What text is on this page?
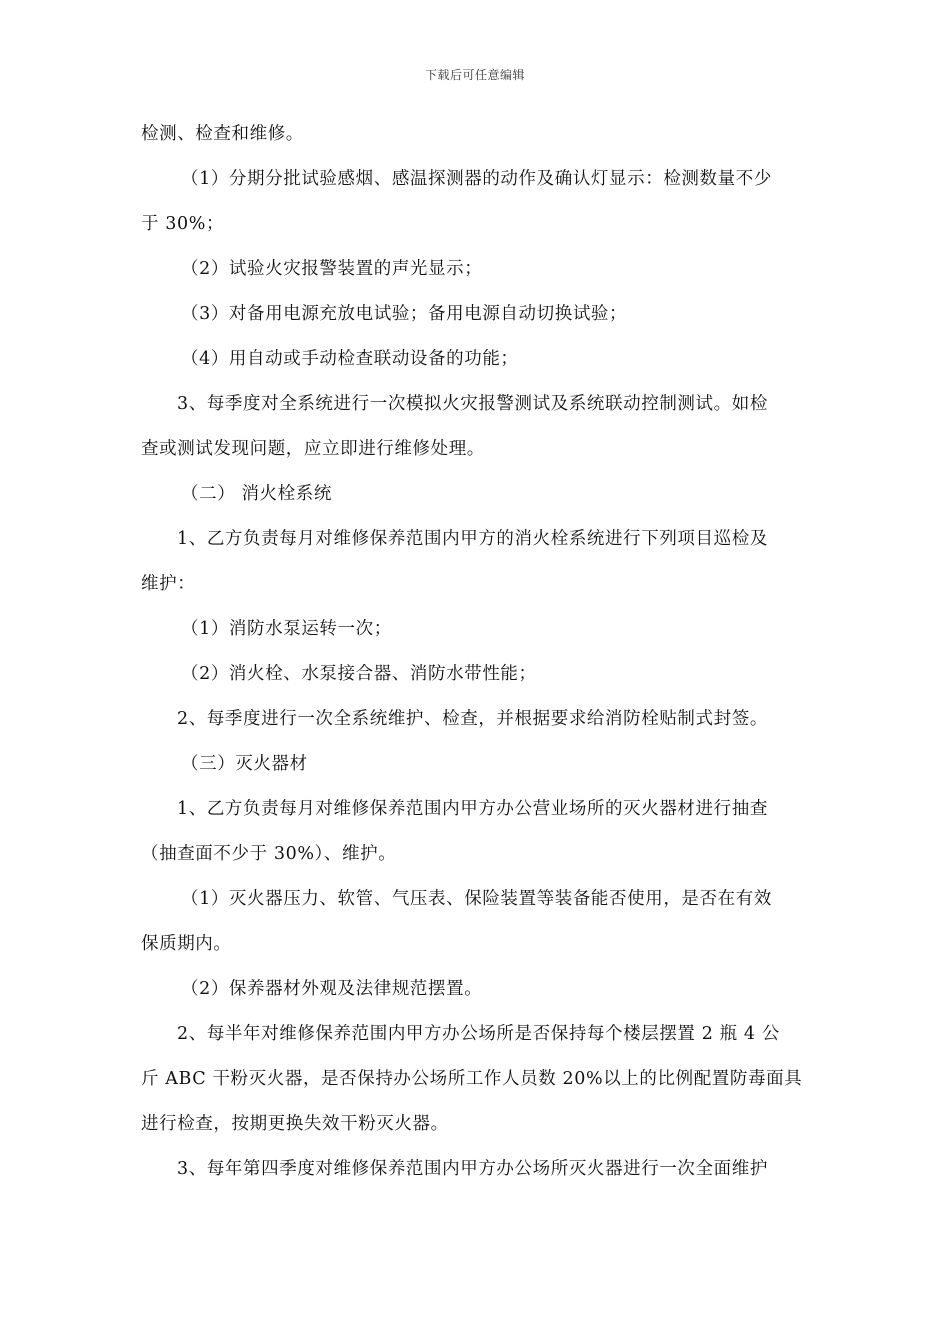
下载后可任意编辑
检测、检查和维修。
（1）分期分批试验感烟、感温探测器的动作及确认灯显示：检测数量不少
于 30%；
（2）试验火灾报警装置的声光显示；
（3）对备用电源充放电试验；备用电源自动切换试验；
（4）用自动或手动检查联动设备的功能；
3、每季度对全系统进行一次模拟火灾报警测试及系统联动控制测试。如检
查或测试发现问题，应立即进行维修处理。
（二） 消火栓系统
1、乙方负责每月对维修保养范围内甲方的消火栓系统进行下列项目巡检及
维护：
（1）消防水泵运转一次；
（2）消火栓、水泵接合器、消防水带性能；
2、每季度进行一次全系统维护、检查，并根据要求给消防栓贴制式封签。
（三）灭火器材
1、乙方负责每月对维修保养范围内甲方办公营业场所的灭火器材进行抽查
（抽查面不少于 30%）、维护。
（1）灭火器压力、软管、气压表、保险装置等装备能否使用，是否在有效
保质期内。
（2）保养器材外观及法律规范摆置。
2、每半年对维修保养范围内甲方办公场所是否保持每个楼层摆置 2 瓶 4 公
斤 ABC 干粉灭火器，是否保持办公场所工作人员数 20%以上的比例配置防毒面具
进行检查，按期更换失效干粉灭火器。
3、每年第四季度对维修保养范围内甲方办公场所灭火器进行一次全面维护
